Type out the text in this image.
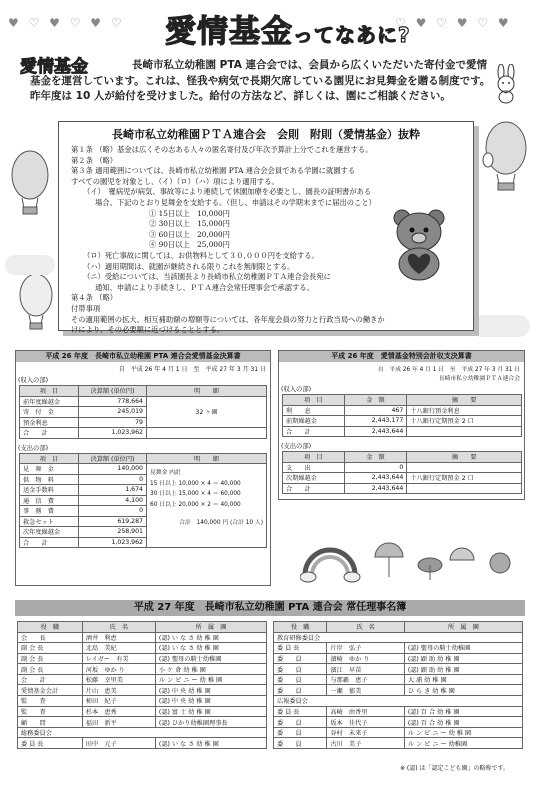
♥ ♡ ♥ ♡ ♥ ♡	♡ ♥ ♡ ♥ ♡ ♥
愛情基金ってなあに?
愛情基金	長崎市私立幼稚園 PTA 連合会では、会員から広くいただいた寄付金で愛情
基金を運営しています。これは、怪我や病気で長期欠席している園児にお見舞金を贈る制度です。
昨年度は 10 人が給付を受けました。給付の方法など、詳しくは、園にご相談ください。
長崎市私立幼稚園ＰＴＡ連合会　会則　附則（愛情基金）抜粋

第１条 （略）基金は広くその志ある人々の匿名寄付及び年次予算計上分でこれを運営する。

第２条 （略）

第３条 適用範囲については、長崎市私立幼稚園 PTA 連合会会員である学園に就園する

すべての園児を対象とし、（イ）（ロ）（ハ）項により適用する。

（イ）　罹病児が病気、事故等により連続して休園加療を必要とし、園長の証明書がある

場合、下記のとおり見舞金を支給する。（但し、申請はその学期末までに届出のこと）

① 15日以上　10,000円

② 30日以上　15,000円

③ 60日以上　20,000円

④ 90日以上　25,000円

（ロ）死亡事故に関しては、お供物料として３０,０００円を支給する。

（ハ）適用期間は、就園が継続される限りこれを無制限とする。

（ニ）受給については、当該園長より長崎市私立幼稚園ＰＴＡ連合会長宛に

通知、申請により手続きし、ＰＴＡ連合会常任理事会で承認する。

第４条 （略）

付帯事項

その適用範囲の拡大、相互補助額の増額等については、各年度会員の努力と行政当局への働きか

けにより、その必要額に近づけることとする。

平成 26 年度　長崎市私立幼稚園 PTA 連合会愛情基金決算書
自　平成 26 年 4 月 1 日　至　平成 27 年 3 月 31 日
(収入の部)
項　目	決算額 (単位円)	明　　細
前年度繰越金	778,664	32 ヶ園
寄　付　金	245,019	
預金利息	79	
合　　計	1,023,962	
(支出の部)
項　目	決算額 (単位円)	明　　細
見　舞　金	140,000	見舞金 内訳
15 日以上 10,000 × 4 ＝ 40,000
30 日以上 15,000 × 4 ＝ 60,000
60 日以上 20,000 × 2 ＝ 40,000
合計　140,000 円 (合計 10 人)

供　物　料	0	
送金手数料	1,674	
通　信　費	4,100	
事　務　費	0	
救急セット	619,287	
次年度繰越金	258,901	
合　　計	1,023,962	
平成 26 年度　愛情基金特別会計収支決算書
自　平成 26 年 4 月 1 日　至　平成 27 年 3 月 31 日
長崎市私立幼稚園ＰＴＡ連合会
(収入の部)
項　目	金　額	摘　　要
利　　息	467	十八銀行預金利息
前期繰越金	2,443,177	十八銀行定期預金 2 口
合　　計	2,443,644	
(支出の部)
項　目	金　額	摘　　要
支　　出	0	
次期繰越金	2,443,644	十八銀行定期預金 2 口
合　　計	2,443,644	
平成 27 年度　長崎市私立幼稚園 PTA 連合会 常任理事名簿
役　職	氏　名	所　属　園
会　　長	酒井　利恵	(認) い な さ 幼 稚 園
副 会 長	北島　美紀	(認) い な さ 幼 稚 園
副 会 長	レイガー　有美	(認) 聖母の騎士幼稚園
副 会 長	河坂　ゆか り	小 ケ 倉 幼 稚 園
会　　計	松藤　幸里美	ル ン ビ ニ ー 幼 稚 園
愛情基金会計	片山　恵美	(認) 中 央 幼 稚 園
監　　査	柿田　紀子	(認) 中 央 幼 稚 園
監　　査	杉本　恵秀	(認) 富 士 幼 稚 園
顧　　問	福田　新平	(認) ひかり幼稚園理事長
総務委員会		
委 員 長	田中　元子	(認) い な さ 幼 稚 園
役　職	氏　名	所　属　園
教育研修委員会		
委 員 長	片岸　弘子	(認) 聖母の騎士幼稚園
委　　員	濱崎　ゆか り	(認) 顕 助 幼 稚 園
委　　員	濱江　早苗	(認) 顕 助 幼 稚 園
委　　員	与那覇　恵子	大 浦 幼 稚 園
委　　員	一瀬　郁美	ひ ら き 幼 稚 園
広報委員会		
委 員 長	高崎　由香里	(認) 百 合 幼 稚 園
委　　員	坂本　佳代子	(認) 百 合 幼 稚 園
委　　員	谷村　未来子	ル ン ビ ニ ー 幼 稚 園
委　　員	古川　美子	ル ン ビ ニ ー 幼稚園
※ (認) は「認定こども園」の略称です。
